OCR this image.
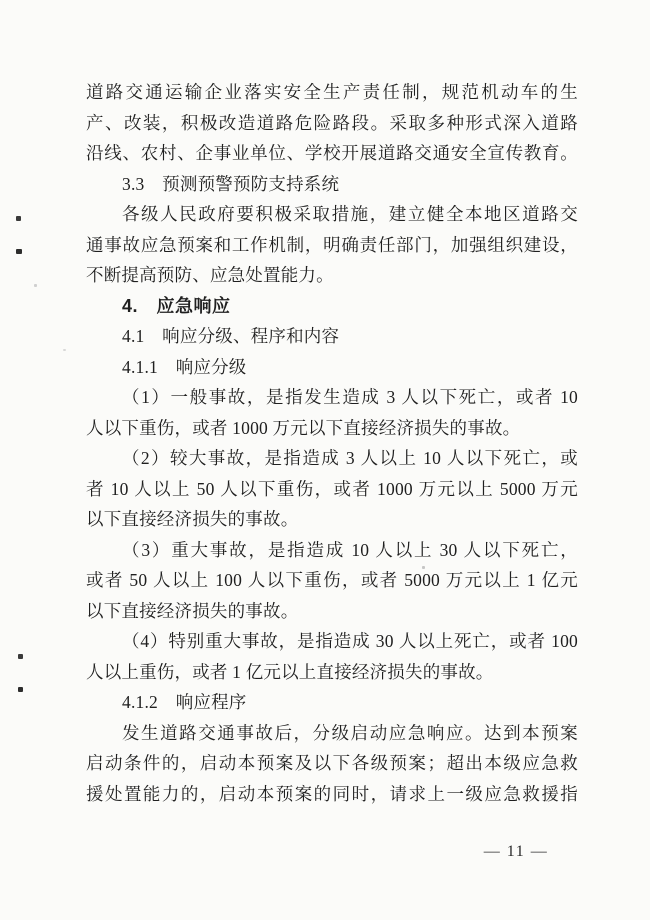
道路交通运输企业落实安全生产责任制，规范机动车的生
产、改装，积极改造道路危险路段。采取多种形式深入道路
沿线、农村、企事业单位、学校开展道路交通安全宣传教育。
3.3　预测预警预防支持系统
各级人民政府要积极采取措施，建立健全本地区道路交
通事故应急预案和工作机制，明确责任部门，加强组织建设，
不断提高预防、应急处置能力。
4.　应急响应
4.1　响应分级、程序和内容
4.1.1　响应分级
（1）一般事故，是指发生造成 3 人以下死亡，或者 10
人以下重伤，或者 1000 万元以下直接经济损失的事故。
（2）较大事故，是指造成 3 人以上 10 人以下死亡，或
者 10 人以上 50 人以下重伤，或者 1000 万元以上 5000 万元
以下直接经济损失的事故。
（3）重大事故，是指造成 10 人以上 30 人以下死亡，
或者 50 人以上 100 人以下重伤，或者 5000 万元以上 1 亿元
以下直接经济损失的事故。
（4）特别重大事故，是指造成 30 人以上死亡，或者 100
人以上重伤，或者 1 亿元以上直接经济损失的事故。
4.1.2　响应程序
发生道路交通事故后，分级启动应急响应。达到本预案
启动条件的，启动本预案及以下各级预案；超出本级应急救
援处置能力的，启动本预案的同时，请求上一级应急救援指
— 11 —
